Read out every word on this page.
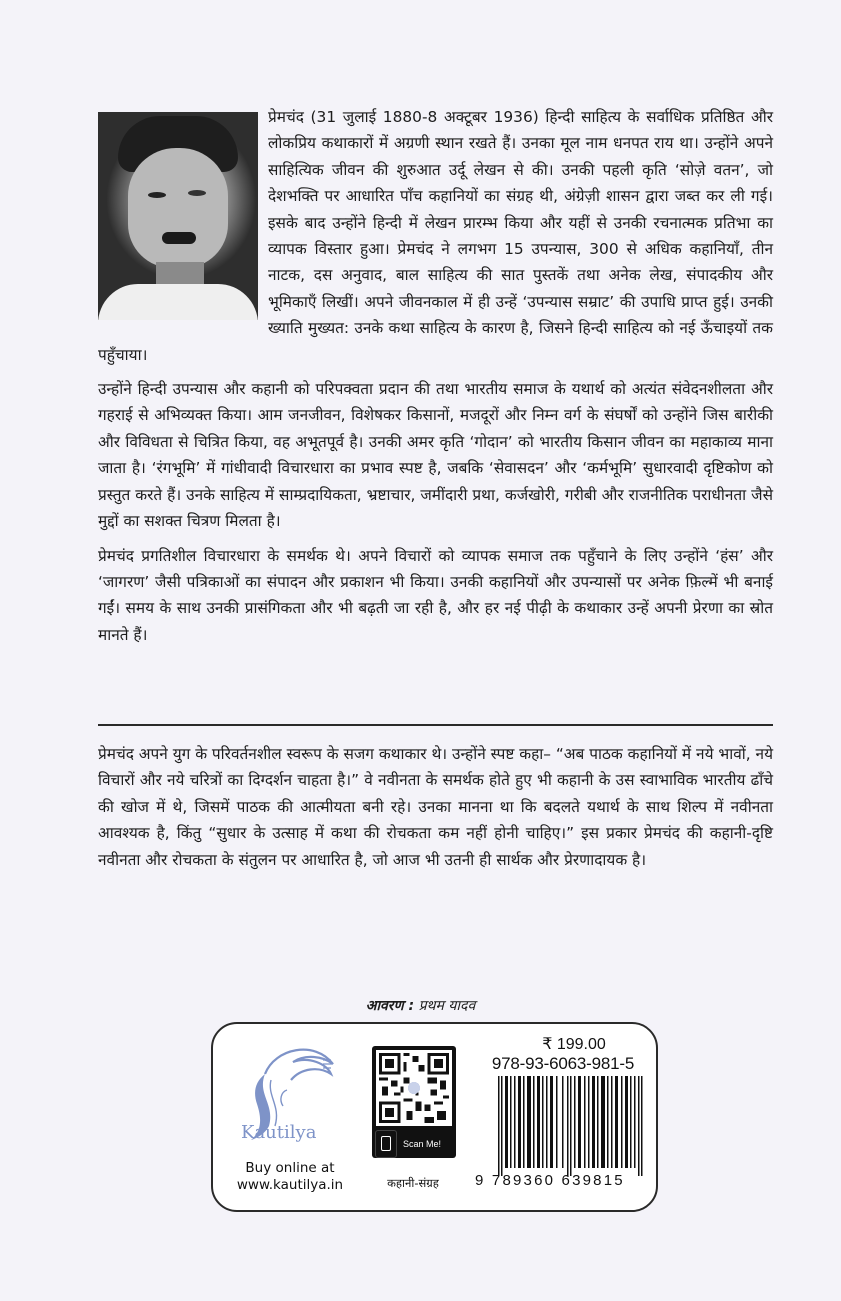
प्रेमचंद (31 जुलाई 1880-8 अक्टूबर 1936) हिन्दी साहित्य के सर्वाधिक प्रतिष्ठित और लोकप्रिय कथाकारों में अग्रणी स्थान रखते हैं। उनका मूल नाम धनपत राय था। उन्होंने अपने साहित्यिक जीवन की शुरुआत उर्दू लेखन से की। उनकी पहली कृति ‘सोज़े वतन’, जो देशभक्ति पर आधारित पाँच कहानियों का संग्रह थी, अंग्रेज़ी शासन द्वारा जब्त कर ली गई। इसके बाद उन्होंने हिन्दी में लेखन प्रारम्भ किया और यहीं से उनकी रचनात्मक प्रतिभा का व्यापक विस्तार हुआ। प्रेमचंद ने लगभग 15 उपन्यास, 300 से अधिक कहानियाँ, तीन नाटक, दस अनुवाद, बाल साहित्य की सात पुस्तकें तथा अनेक लेख, संपादकीय और भूमिकाएँ लिखीं। अपने जीवनकाल में ही उन्हें ‘उपन्यास सम्राट’ की उपाधि प्राप्त हुई। उनकी ख्याति मुख्यत: उनके कथा साहित्य के कारण है, जिसने हिन्दी साहित्य को नई ऊँचाइयों तक पहुँचाया।

उन्होंने हिन्दी उपन्यास और कहानी को परिपक्वता प्रदान की तथा भारतीय समाज के यथार्थ को अत्यंत संवेदनशीलता और गहराई से अभिव्यक्त किया। आम जनजीवन, विशेषकर किसानों, मजदूरों और निम्न वर्ग के संघर्षों को उन्होंने जिस बारीकी और विविधता से चित्रित किया, वह अभूतपूर्व है। उनकी अमर कृति ‘गोदान’ को भारतीय किसान जीवन का महाकाव्य माना जाता है। ‘रंगभूमि’ में गांधीवादी विचारधारा का प्रभाव स्पष्ट है, जबकि ‘सेवासदन’ और ‘कर्मभूमि’ सुधारवादी दृष्टिकोण को प्रस्तुत करते हैं। उनके साहित्य में साम्प्रदायिकता, भ्रष्टाचार, जमींदारी प्रथा, कर्जखोरी, गरीबी और राजनीतिक पराधीनता जैसे मुद्दों का सशक्त चित्रण मिलता है।

प्रेमचंद प्रगतिशील विचारधारा के समर्थक थे। अपने विचारों को व्यापक समाज तक पहुँचाने के लिए उन्होंने ‘हंस’ और ‘जागरण’ जैसी पत्रिकाओं का संपादन और प्रकाशन भी किया। उनकी कहानियों और उपन्यासों पर अनेक फ़िल्में भी बनाई गईं। समय के साथ उनकी प्रासंगिकता और भी बढ़ती जा रही है, और हर नई पीढ़ी के कथाकार उन्हें अपनी प्रेरणा का स्रोत मानते हैं।

प्रेमचंद अपने युग के परिवर्तनशील स्वरूप के सजग कथाकार थे। उन्होंने स्पष्ट कहा– “अब पाठक कहानियों में नये भावों, नये विचारों और नये चरित्रों का दिग्दर्शन चाहता है।” वे नवीनता के समर्थक होते हुए भी कहानी के उस स्वाभाविक भारतीय ढाँचे की खोज में थे, जिसमें पाठक की आत्मीयता बनी रहे। उनका मानना था कि बदलते यथार्थ के साथ शिल्प में नवीनता आवश्यक है, किंतु “सुधार के उत्साह में कथा की रोचकता कम नहीं होनी चाहिए।” इस प्रकार प्रेमचंद की कहानी-दृष्टि नवीनता और रोचकता के संतुलन पर आधारित है, जो आज भी उतनी ही सार्थक और प्रेरणादायक है।

आवरण : प्रथम यादव
Kautilya
Buy online at
www.kautilya.in
Scan Me!
कहानी-संग्रह
₹ 199.00
978-93-6063-981-5
9 789360 639815
